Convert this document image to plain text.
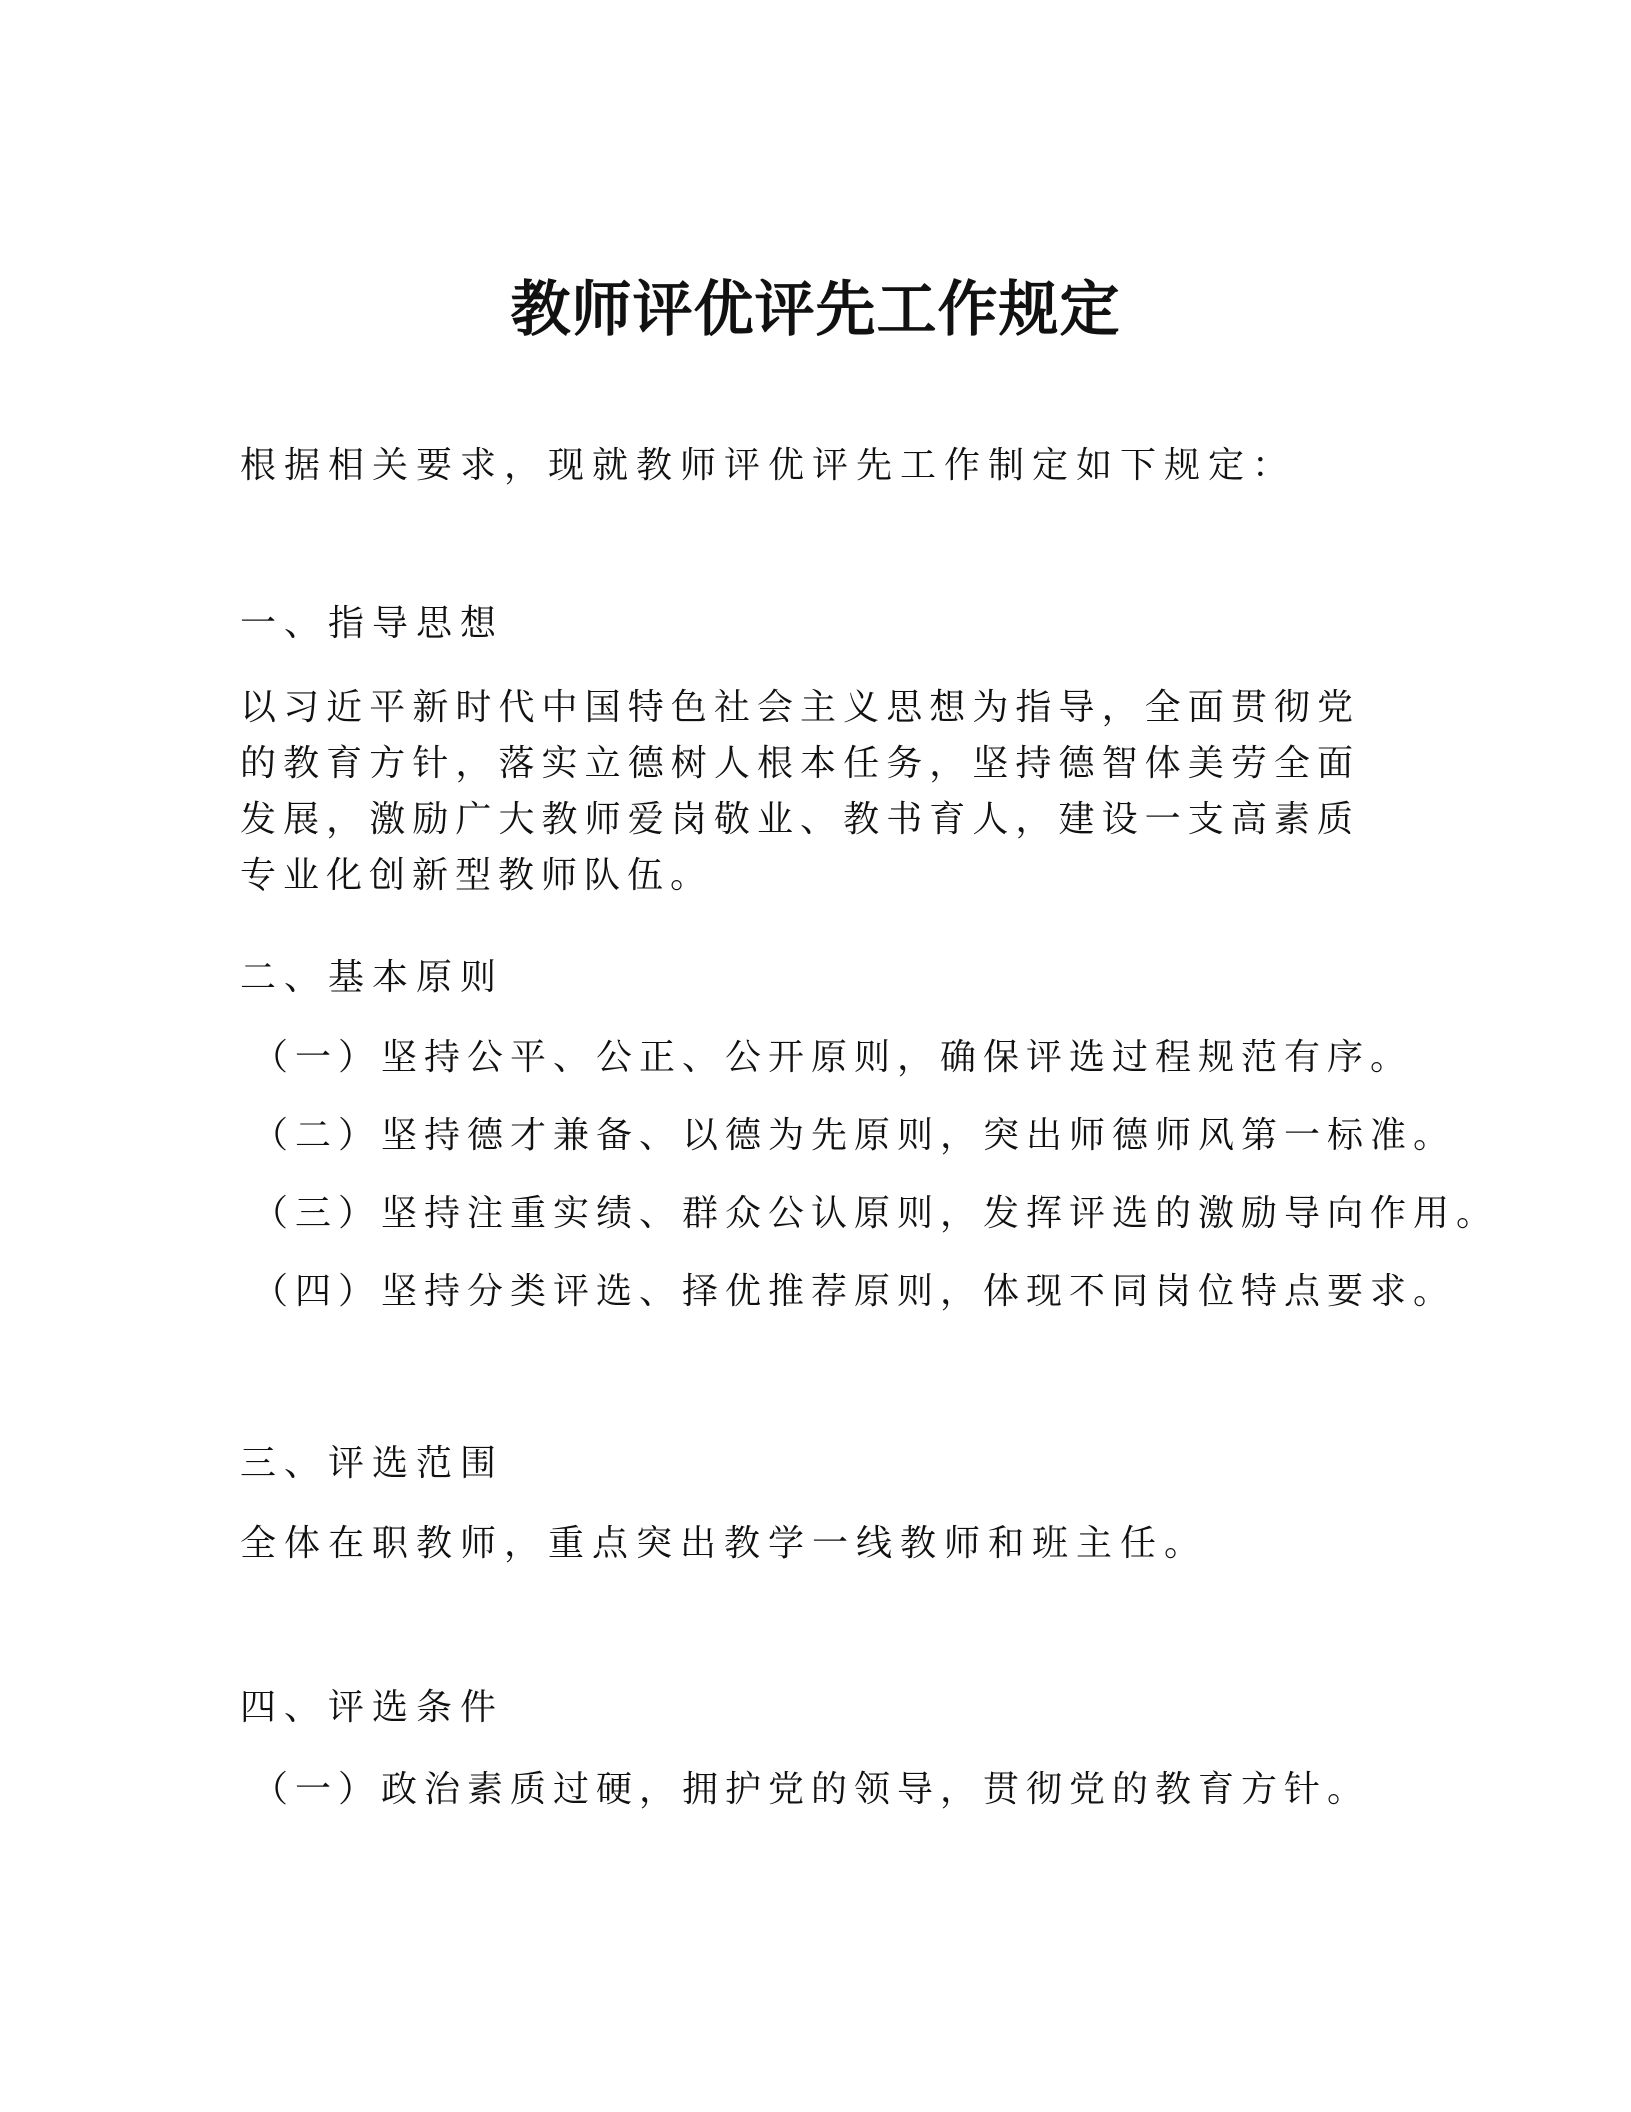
教师评优评先工作规定
根据相关要求，现就教师评优评先工作制定如下规定：
一、指导思想
以习近平新时代中国特色社会主义思想为指导，全面贯彻党的教育方针，落实立德树人根本任务，坚持德智体美劳全面发展，激励广大教师爱岗敬业、教书育人，建设一支高素质专业化创新型教师队伍。
二、基本原则
（一）坚持公平、公正、公开原则，确保评选过程规范有序。
（二）坚持德才兼备、以德为先原则，突出师德师风第一标准。
（三）坚持注重实绩、群众公认原则，发挥评选的激励导向作用。
（四）坚持分类评选、择优推荐原则，体现不同岗位特点要求。
三、评选范围
全体在职教师，重点突出教学一线教师和班主任。
四、评选条件
（一）政治素质过硬，拥护党的领导，贯彻党的教育方针。
